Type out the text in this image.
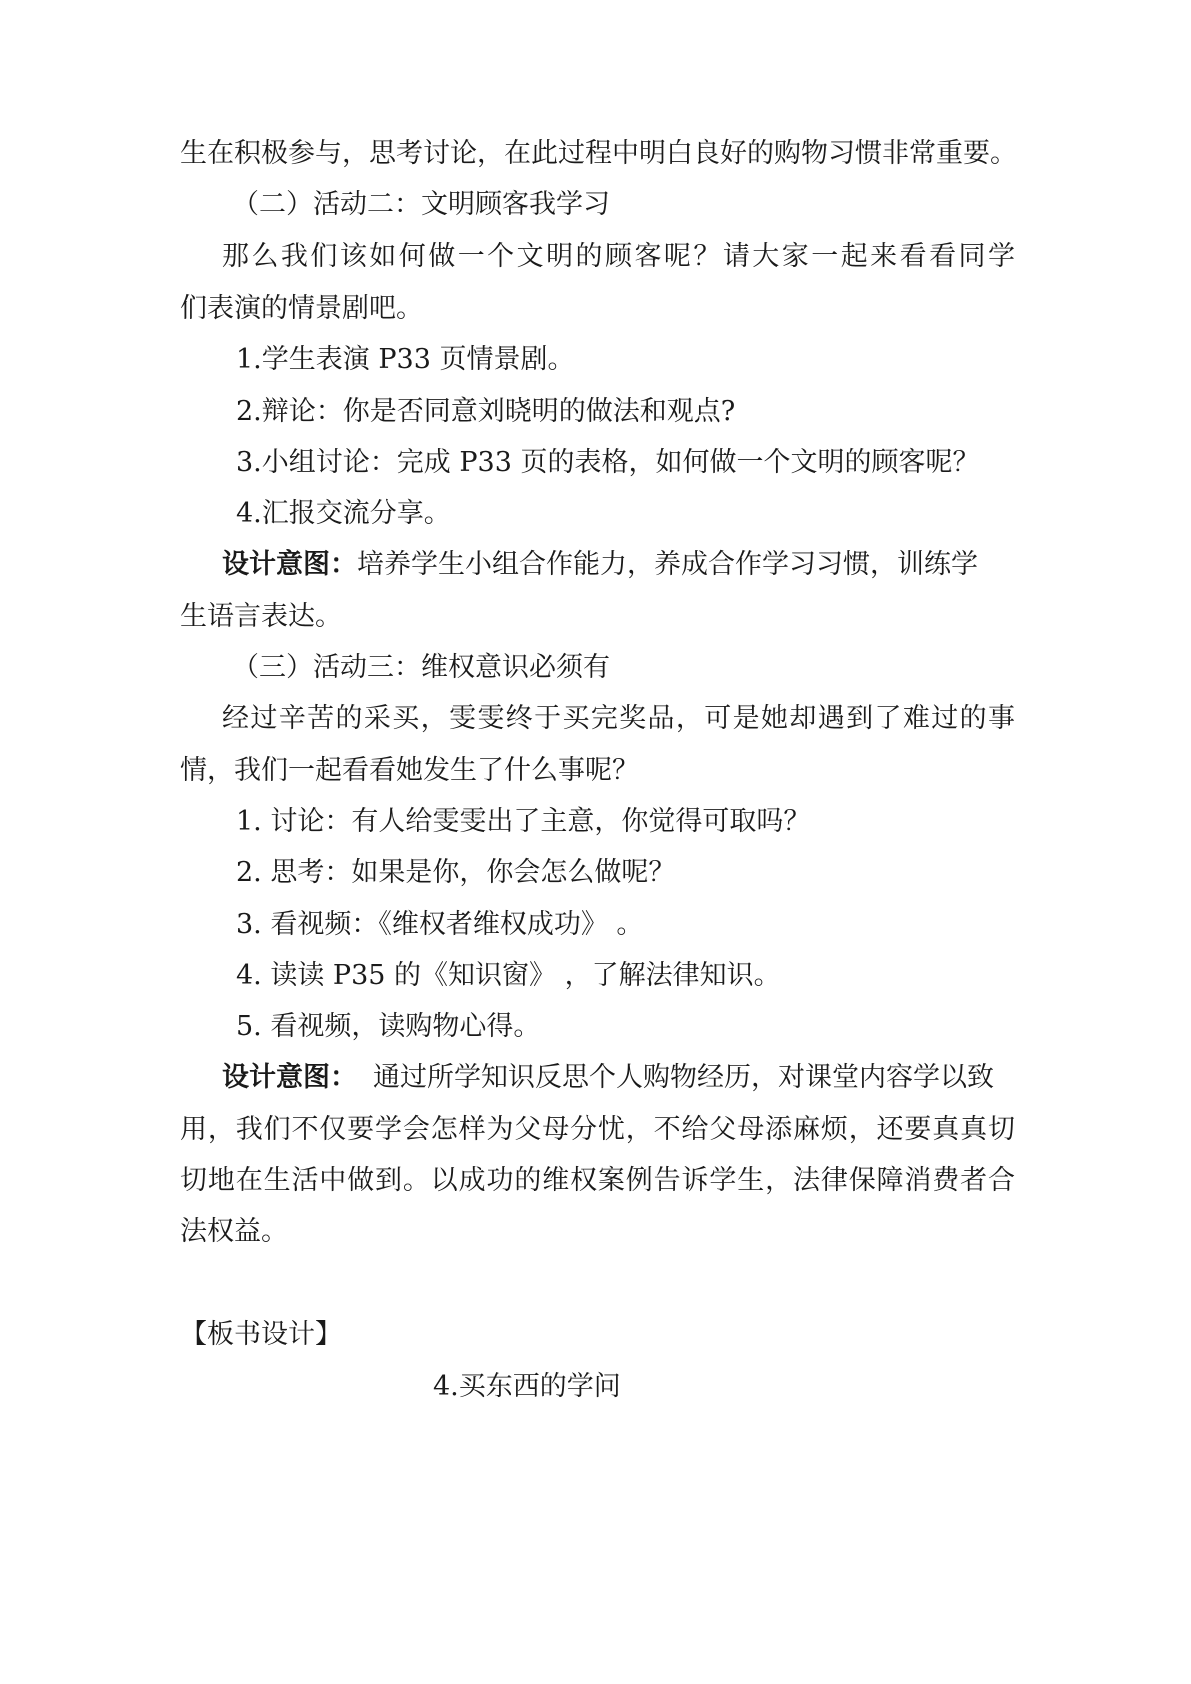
生在积极参与，思考讨论，在此过程中明白良好的购物习惯非常重要。
（二）活动二：文明顾客我学习
那么我们该如何做一个文明的顾客呢？请大家一起来看看同学
们表演的情景剧吧。
1.学生表演 P33 页情景剧。
2.辩论：你是否同意刘晓明的做法和观点?
3.小组讨论：完成 P33 页的表格，如何做一个文明的顾客呢？
4.汇报交流分享。
设计意图：培养学生小组合作能力，养成合作学习习惯，训练学
生语言表达。
（三）活动三：维权意识必须有
经过辛苦的采买，雯雯终于买完奖品，可是她却遇到了难过的事
情，我们一起看看她发生了什么事呢？
1. 讨论：有人给雯雯出了主意，你觉得可取吗？
2. 思考：如果是你，你会怎么做呢？
3. 看视频：《维权者维权成功》 。
4. 读读 P35 的《知识窗》 ，了解法律知识。
5. 看视频，读购物心得。
设计意图： 通过所学知识反思个人购物经历，对课堂内容学以致
用，我们不仅要学会怎样为父母分忧，不给父母添麻烦，还要真真切
切地在生活中做到。以成功的维权案例告诉学生，法律保障消费者合
法权益。
【板书设计】
4.买东西的学问
